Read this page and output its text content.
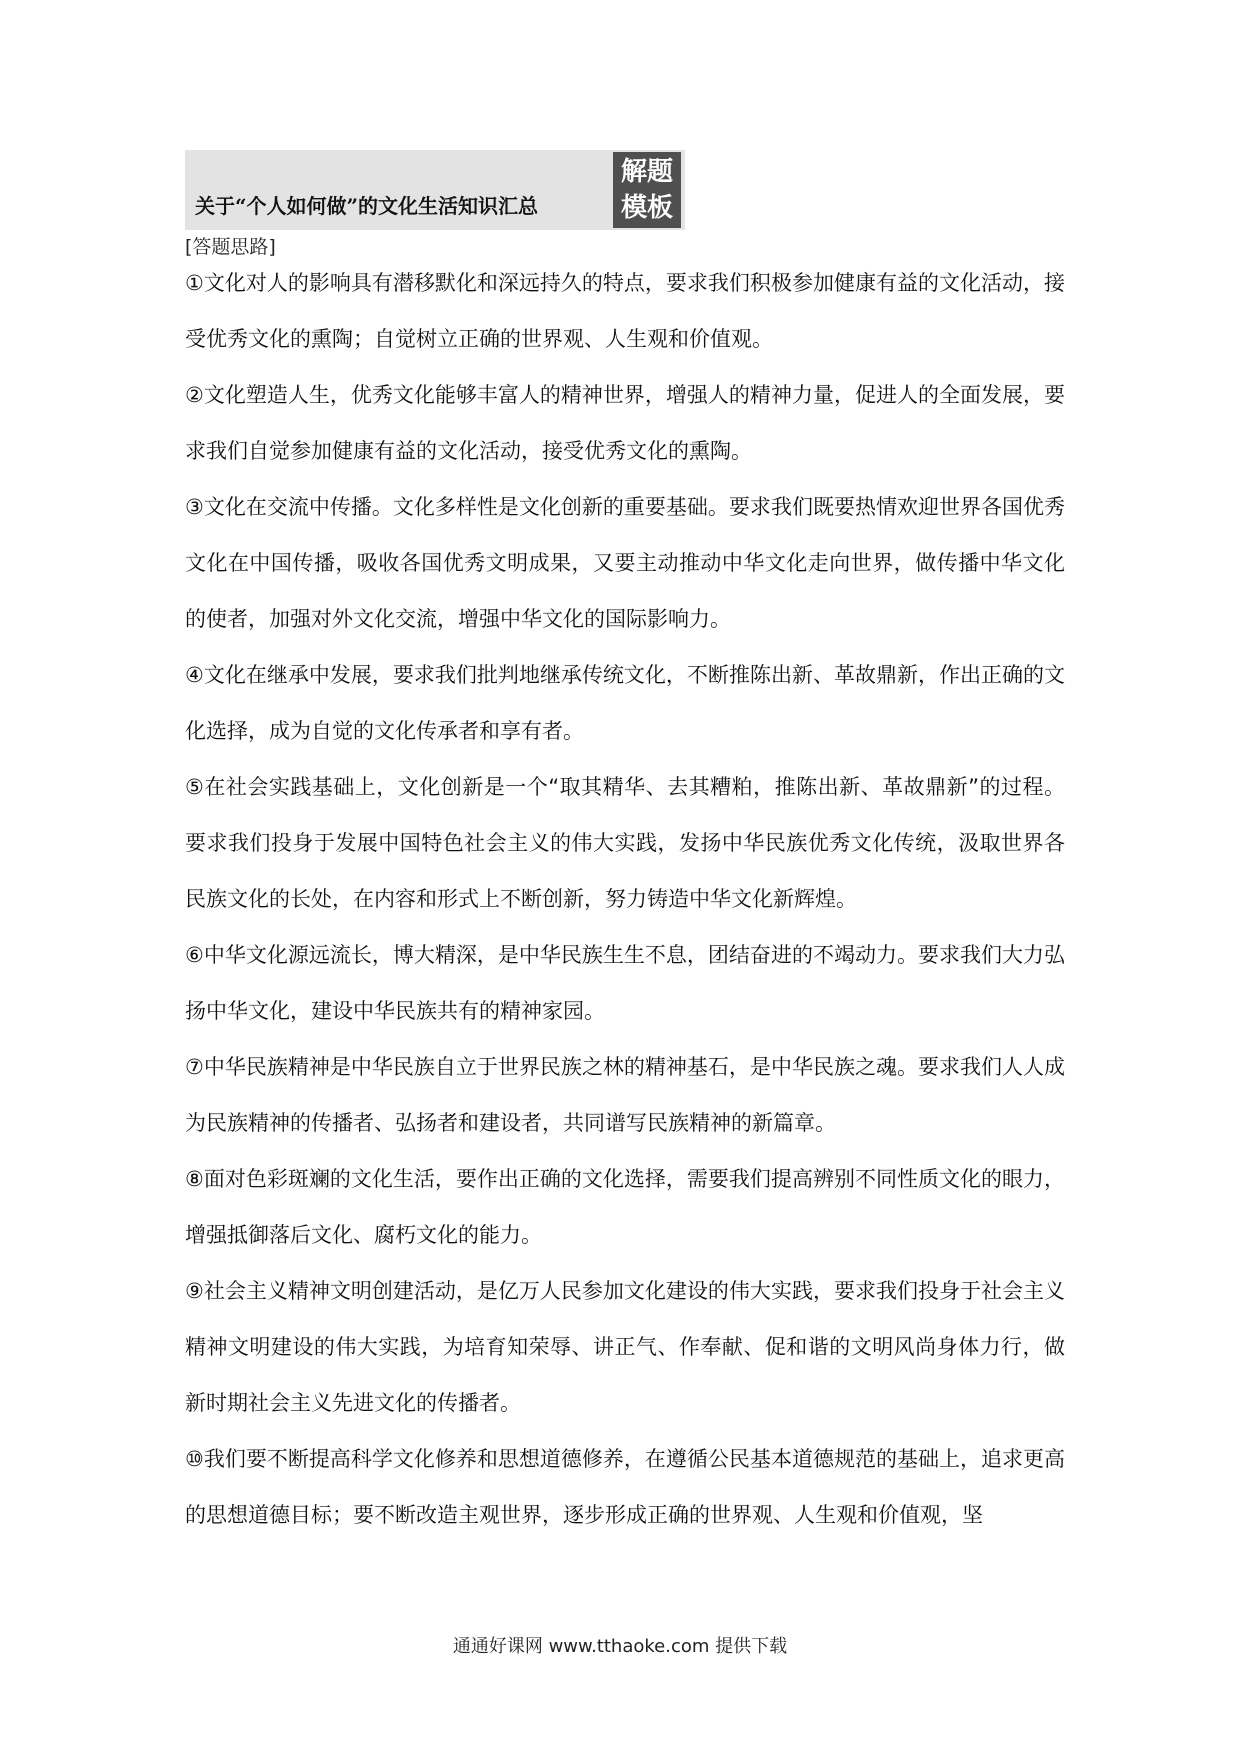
关于“个人如何做”的文化生活知识汇总
解题
模板
[答题思路]

①文化对人的影响具有潜移默化和深远持久的特点，要求我们积极参加健康有益的文化活动，接受优秀文化的熏陶；自觉树立正确的世界观、人生观和价值观。

②文化塑造人生，优秀文化能够丰富人的精神世界，增强人的精神力量，促进人的全面发展，要求我们自觉参加健康有益的文化活动，接受优秀文化的熏陶。

③文化在交流中传播。文化多样性是文化创新的重要基础。要求我们既要热情欢迎世界各国优秀文化在中国传播，吸收各国优秀文明成果，又要主动推动中华文化走向世界，做传播中华文化的使者，加强对外文化交流，增强中华文化的国际影响力。

④文化在继承中发展，要求我们批判地继承传统文化，不断推陈出新、革故鼎新，作出正确的文化选择，成为自觉的文化传承者和享有者。

⑤在社会实践基础上，文化创新是一个“取其精华、去其糟粕，推陈出新、革故鼎新”的过程。要求我们投身于发展中国特色社会主义的伟大实践，发扬中华民族优秀文化传统，汲取世界各民族文化的长处，在内容和形式上不断创新，努力铸造中华文化新辉煌。

⑥中华文化源远流长，博大精深，是中华民族生生不息，团结奋进的不竭动力。要求我们大力弘扬中华文化，建设中华民族共有的精神家园。

⑦中华民族精神是中华民族自立于世界民族之林的精神基石，是中华民族之魂。要求我们人人成为民族精神的传播者、弘扬者和建设者，共同谱写民族精神的新篇章。

⑧面对色彩斑斓的文化生活，要作出正确的文化选择，需要我们提高辨别不同性质文化的眼力，增强抵御落后文化、腐朽文化的能力。

⑨社会主义精神文明创建活动，是亿万人民参加文化建设的伟大实践，要求我们投身于社会主义精神文明建设的伟大实践，为培育知荣辱、讲正气、作奉献、促和谐的文明风尚身体力行，做新时期社会主义先进文化的传播者。

⑩我们要不断提高科学文化修养和思想道德修养，在遵循公民基本道德规范的基础上，追求更高的思想道德目标；要不断改造主观世界，逐步形成正确的世界观、人生观和价值观，坚

通通好课网 www.tthaoke.com 提供下载
